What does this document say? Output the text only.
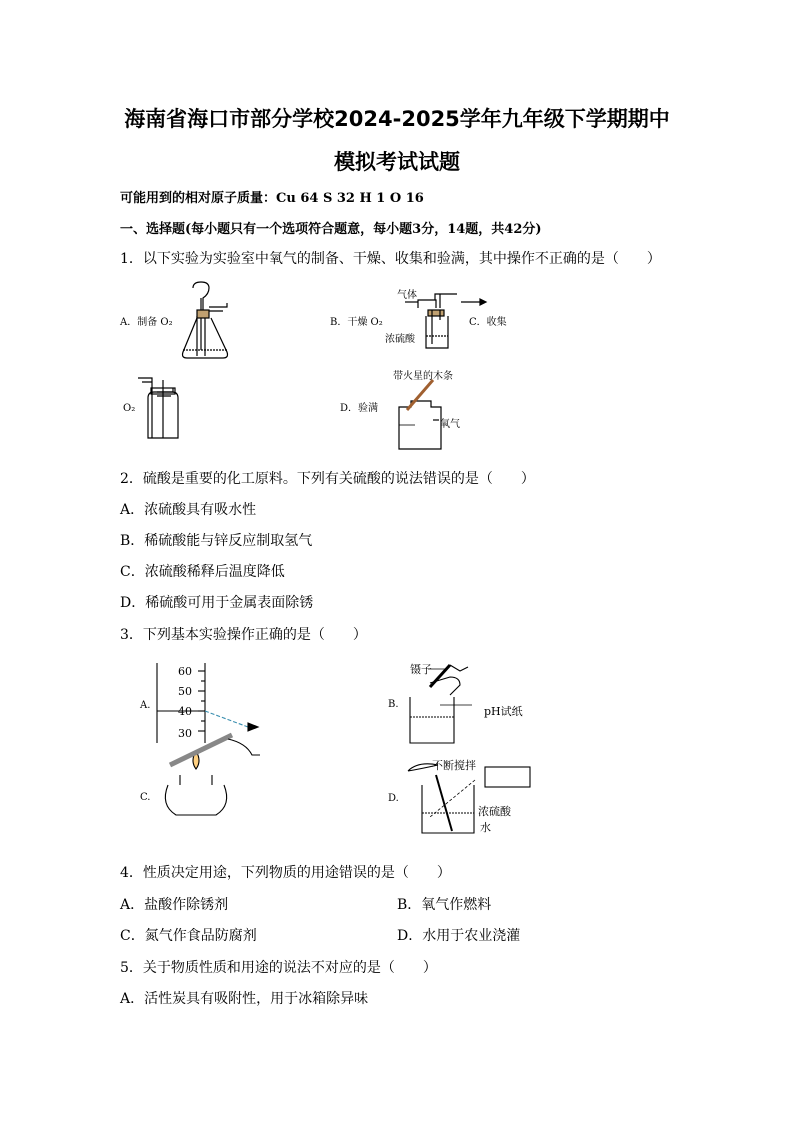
海南省海口市部分学校2024-2025学年九年级下学期期中
模拟考试试题
可能用到的相对原子质量：Cu 64 S 32 H 1 O 16
一、选择题(每小题只有一个选项符合题意，每小题3分，14题，共42分)
1．以下实验为实验室中氧气的制备、干燥、收集和验满，其中操作不正确的是（　　）
A．制备 O₂	B．干燥 O₂
气体
浓硫酸
C．收集
O₂	D．验满
带火星的木条
氧气
2．硫酸是重要的化工原料。下列有关硫酸的说法错误的是（　　）
A．浓硫酸具有吸水性
B．稀硫酸能与锌反应制取氢气
C．浓硫酸稀释后温度降低
D．稀硫酸可用于金属表面除锈
3．下列基本实验操作正确的是（　　）
A.
60
50
40
30
B.
镊子
pH试纸
C.	D.
不断搅拌
浓硫酸
水
4．性质决定用途，下列物质的用途错误的是（　　）
A．盐酸作除锈剂	B．氧气作燃料
C．氮气作食品防腐剂	D．水用于农业浇灌
5．关于物质性质和用途的说法不对应的是（　　）
A．活性炭具有吸附性，用于冰箱除异味
